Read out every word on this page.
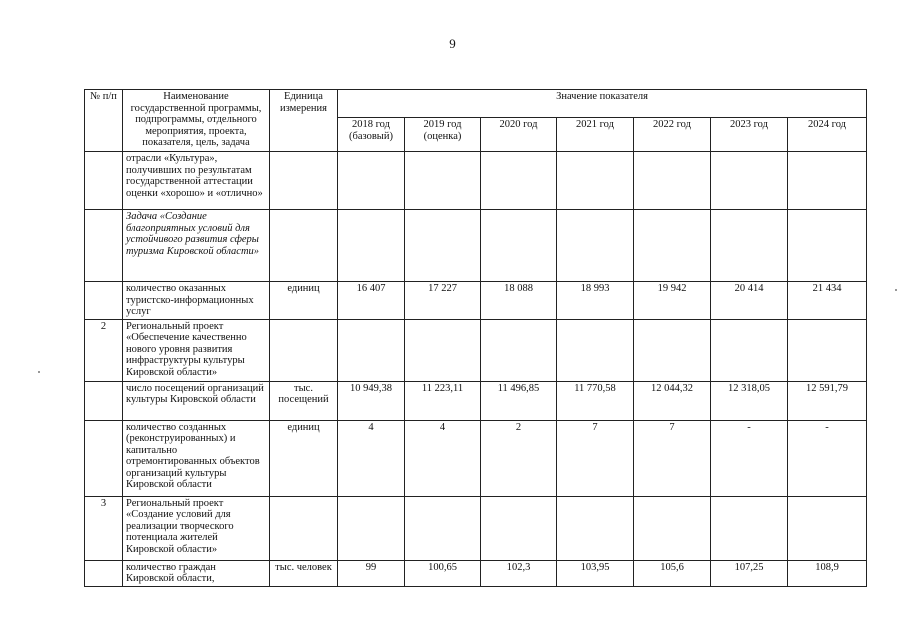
9
№ п/п	Наименование государственной программы, подпрограммы, отдельного мероприятия, проекта, показателя, цель, задача	Единица измерения	Значение показателя						
			2018 год (базовый)	2019 год (оценка)	2020 год	2021 год	2022 год	2023 год	2024 год
	отрасли «Культура», получивших по результатам государственной аттестации оценки «хорошо» и «отлично»								
	Задача «Создание благоприятных условий для устойчивого развития сферы туризма Кировской области»								
	количество оказанных туристско-информационных услуг	единиц	16 407	17 227	18 088	18 993	19 942	20 414	21 434
2	Региональный проект «Обеспечение качественно нового уровня развития инфраструктуры культуры Кировской области»								
	число посещений организаций культуры Кировской области	тыс. посещений	10 949,38	11 223,11	11 496,85	11 770,58	12 044,32	12 318,05	12 591,79
	количество созданных (реконструированных) и капитально отремонтированных объектов организаций культуры Кировской области	единиц	4	4	2	7	7	-	-
3	Региональный проект «Создание условий для реализации творческого потенциала жителей Кировской области»								
	количество граждан Кировской области,	тыс. человек	99	100,65	102,3	103,95	105,6	107,25	108,9
